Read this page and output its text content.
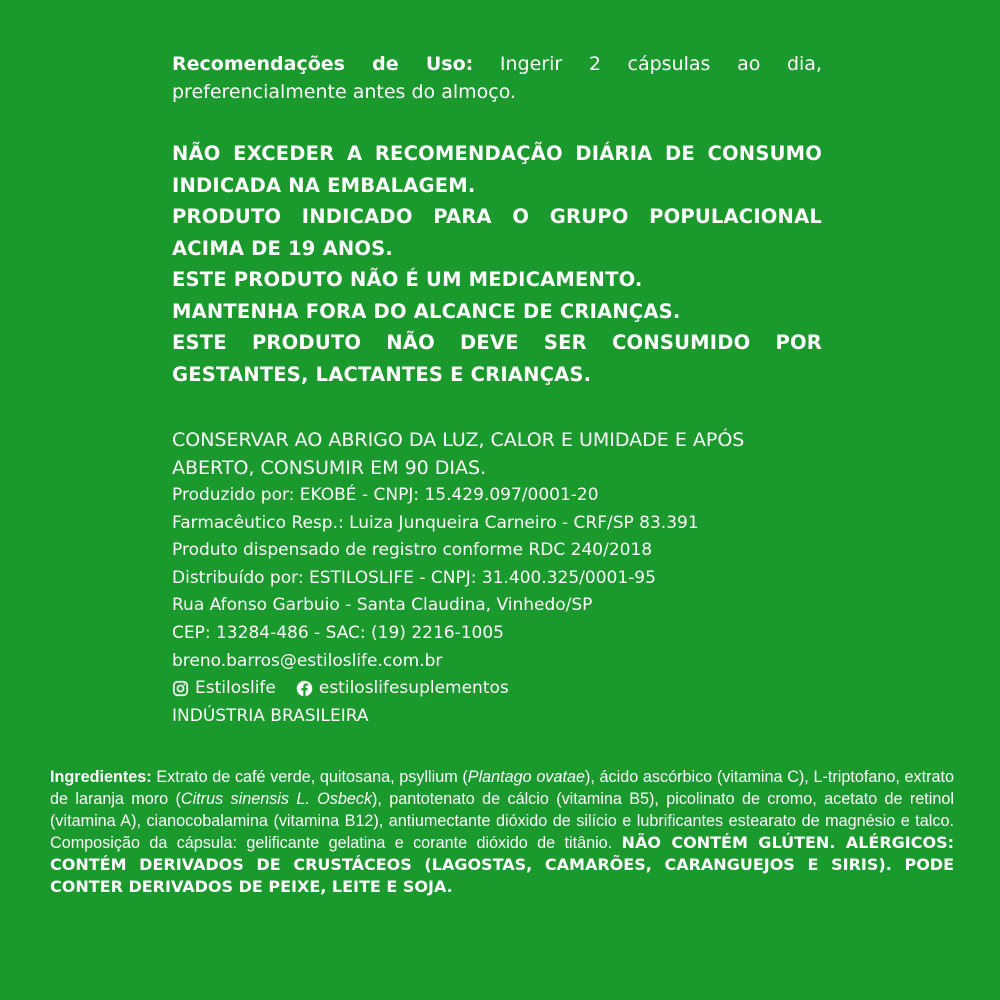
Recomendações de Uso: Ingerir 2 cápsulas ao dia, preferencialmente antes do almoço.

NÃO EXCEDER A RECOMENDAÇÃO DIÁRIA DE CONSUMO INDICADA NA EMBALAGEM.

PRODUTO INDICADO PARA O GRUPO POPULACIONAL ACIMA DE 19 ANOS.

ESTE PRODUTO NÃO É UM MEDICAMENTO.

MANTENHA FORA DO ALCANCE DE CRIANÇAS.

ESTE PRODUTO NÃO DEVE SER CONSUMIDO POR GESTANTES, LACTANTES E CRIANÇAS.

CONSERVAR AO ABRIGO DA LUZ, CALOR E UMIDADE E APÓS ABERTO, CONSUMIR EM 90 DIAS.

Produzido por: EKOBÉ - CNPJ: 15.429.097/0001-20

Farmacêutico Resp.: Luiza Junqueira Carneiro - CRF/SP 83.391

Produto dispensado de registro conforme RDC 240/2018

Distribuído por: ESTILOSLIFE - CNPJ: 31.400.325/0001-95

Rua Afonso Garbuio - Santa Claudina, Vinhedo/SP

CEP: 13284-486 - SAC: (19) 2216-1005

breno.barros@estiloslife.com.br

Estiloslife	estiloslifesuplementos

INDÚSTRIA BRASILEIRA

Ingredientes: Extrato de café verde, quitosana, psyllium (Plantago ovatae), ácido ascórbico (vitamina C), L-triptofano, extrato de laranja moro (Citrus sinensis L. Osbeck), pantotenato de cálcio (vitamina B5), picolinato de cromo, acetato de retinol (vitamina A), cianocobalamina (vitamina B12), antiumectante dióxido de silício e lubrificantes estearato de magnésio e talco. Composição da cápsula: gelificante gelatina e corante dióxido de titânio. NÃO CONTÉM GLÚTEN. ALÉRGICOS: CONTÉM DERIVADOS DE CRUSTÁCEOS (LAGOSTAS, CAMARÕES, CARANGUEJOS E SIRIS). PODE CONTER DERIVADOS DE PEIXE, LEITE E SOJA.
